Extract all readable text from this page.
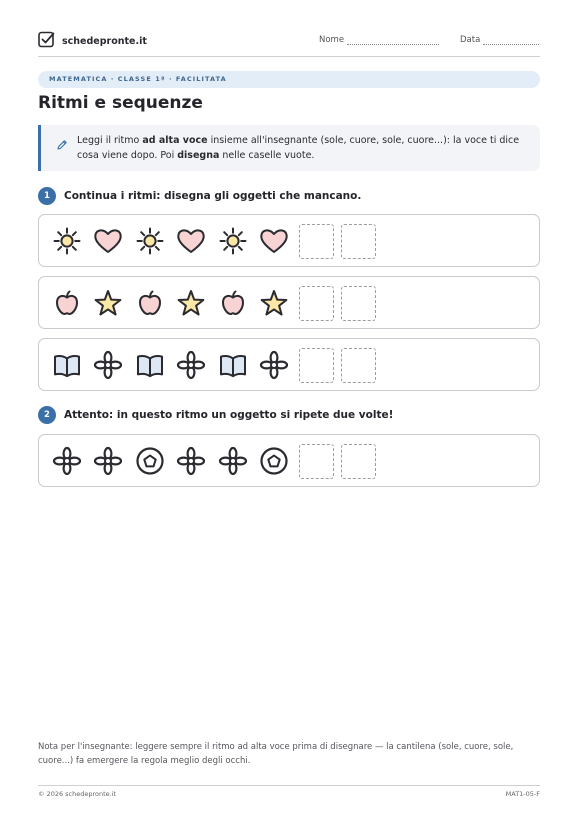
schedepronte.it	Nome	Data
MATEMATICA · CLASSE 1ª · FACILITATA
Ritmi e sequenze
Leggi il ritmo ad alta voce insieme all'insegnante (sole, cuore, sole, cuore...): la voce ti dice cosa viene dopo. Poi disegna nelle caselle vuote.
1	Continua i ritmi: disegna gli oggetti che mancano.
2	Attento: in questo ritmo un oggetto si ripete due volte!
Nota per l'insegnante: leggere sempre il ritmo ad alta voce prima di disegnare — la cantilena (sole, cuore, sole, cuore...) fa emergere la regola meglio degli occhi.
© 2026 schedepronte.it	MAT1-05-F
